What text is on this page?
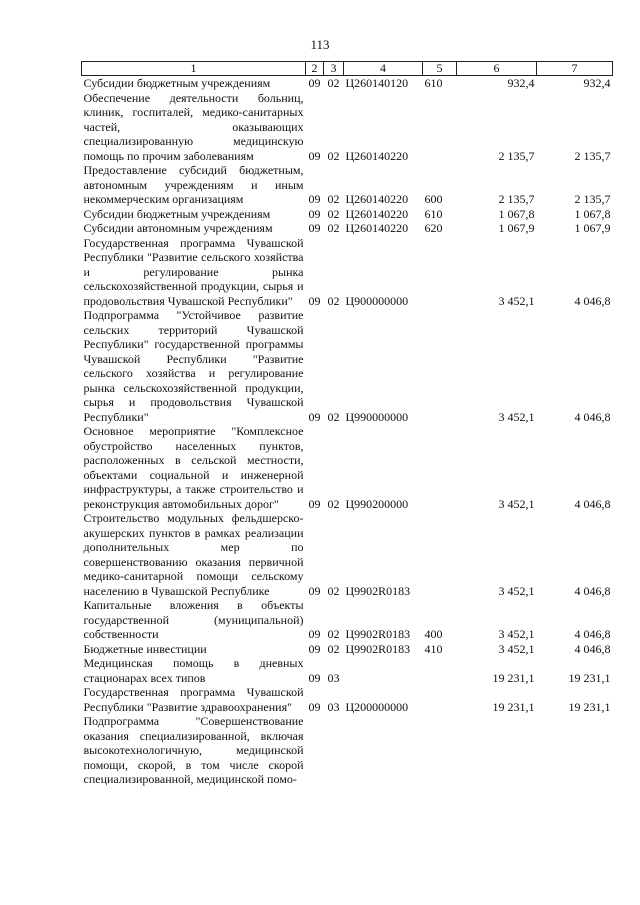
113
1	2	3	4	5	6	7
Субсидии бюджетным учреждениям	09	02	Ц260140120	610	932,4	932,4
Обеспечение деятельности больниц, клиник, госпиталей, медико-санитарных частей, оказывающих специализированную медицинскую помощь по прочим заболеваниям	09	02	Ц260140220		2 135,7	2 135,7
Предоставление субсидий бюджетным, автономным учреждениям и иным некоммерческим организациям	09	02	Ц260140220	600	2 135,7	2 135,7
Субсидии бюджетным учреждениям	09	02	Ц260140220	610	1 067,8	1 067,8
Субсидии автономным учреждениям	09	02	Ц260140220	620	1 067,9	1 067,9
Государственная программа Чувашской Республики "Развитие сельского хозяйства и регулирование рынка сельскохозяйственной продукции, сырья и продовольствия Чувашской Республики"	09	02	Ц900000000		3 452,1	4 046,8
Подпрограмма "Устойчивое развитие сельских территорий Чувашской Республики" государственной программы Чувашской Республики "Развитие сельского хозяйства и регулирование рынка сельскохозяйственной продукции, сырья и продовольствия Чувашской Республики"	09	02	Ц990000000		3 452,1	4 046,8
Основное мероприятие "Комплексное обустройство населенных пунктов, расположенных в сельской местности, объектами социальной и инженерной инфраструктуры, а также строительство и реконструкция автомобильных дорог"	09	02	Ц990200000		3 452,1	4 046,8
Строительство модульных фельдшерско-акушерских пунктов в рамках реализации дополнительных мер по совершенствованию оказания первичной медико-санитарной помощи сельскому населению в Чувашской Республике	09	02	Ц9902R0183		3 452,1	4 046,8
Капитальные вложения в объекты государственной (муниципальной) собственности	09	02	Ц9902R0183	400	3 452,1	4 046,8
Бюджетные инвестиции	09	02	Ц9902R0183	410	3 452,1	4 046,8
Медицинская помощь в дневных стационарах всех типов	09	03			19 231,1	19 231,1
Государственная программа Чувашской Республики "Развитие здравоохранения"	09	03	Ц200000000		19 231,1	19 231,1
Подпрограмма "Совершенствование оказания специализированной, включая высокотехнологичную, медицинской помощи, скорой, в том числе скорой специализированной, медицинской помо-						
